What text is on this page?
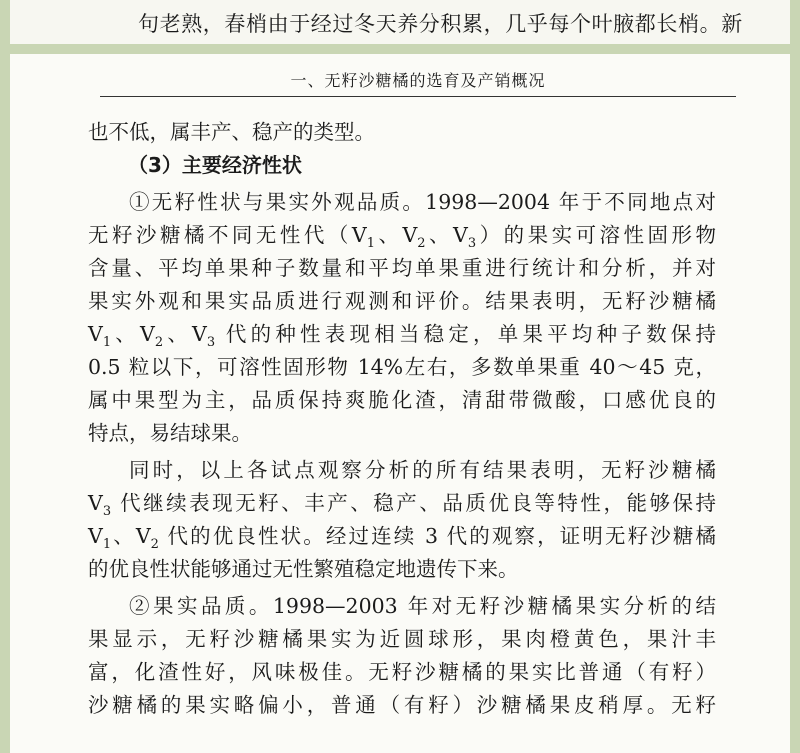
句老熟，春梢由于经过冬天养分积累，几乎每个叶腋都长梢。新
一、无籽沙糖橘的选育及产销概况

也不低，属丰产、稳产的类型。

（3）主要经济性状

①无籽性状与果实外观品质。1998—2004 年于不同地点对

无籽沙糖橘不同无性代（$V_1$、$V_2$、$V_3$）的果实可溶性固形物

含量、平均单果种子数量和平均单果重进行统计和分析，并对

果实外观和果实品质进行观测和评价。结果表明，无籽沙糖橘

$V_1$、$V_2$、$V_3$ 代的种性表现相当稳定，单果平均种子数保持

0.5 粒以下，可溶性固形物 14%左右，多数单果重 40～45 克，

属中果型为主，品质保持爽脆化渣，清甜带微酸，口感优良的

特点，易结球果。

同时，以上各试点观察分析的所有结果表明，无籽沙糖橘

$V_3$ 代继续表现无籽、丰产、稳产、品质优良等特性，能够保持

$V_1$、$V_2$ 代的优良性状。经过连续 3 代的观察，证明无籽沙糖橘

的优良性状能够通过无性繁殖稳定地遗传下来。

②果实品质。1998—2003 年对无籽沙糖橘果实分析的结

果显示，无籽沙糖橘果实为近圆球形，果肉橙黄色，果汁丰

富，化渣性好，风味极佳。无籽沙糖橘的果实比普通（有籽）

沙糖橘的果实略偏小，普通（有籽）沙糖橘果皮稍厚。无籽
